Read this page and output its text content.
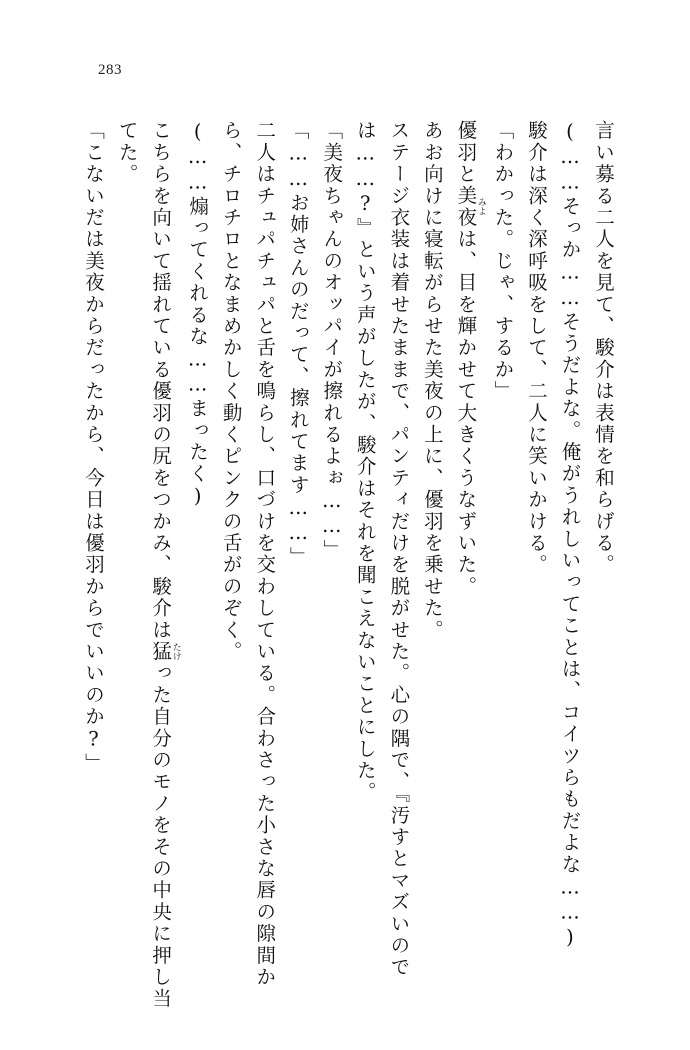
283

言い募る二人を見て、駿介は表情を和らげる。

(……そっか……そうだよな。俺がうれしいってことは、コイツらもだよな……)

駿介は深く深呼吸をして、二人に笑いかける。

「わかった。じゃ、するか」

優羽と美夜みよは、目を輝かせて大きくうなずいた。

あお向けに寝転がらせた美夜の上に、優羽を乗せた。

ステージ衣装は着せたままで、パンティだけを脱がせた。心の隅で、『汚すとマズいのでは……?』という声がしたが、駿介はそれを聞こえないことにした。

「美夜ちゃんのオッパイが擦れるよぉ……」

「……お姉さんのだって、擦れてます……」

二人はチュパチュパと舌を鳴らし、口づけを交わしている。合わさった小さな唇の隙間から、チロチロとなまめかしく動くピンクの舌がのぞく。

(……煽ってくれるな……まったく)

こちらを向いて揺れている優羽の尻をつかみ、駿介は猛たけった自分のモノをその中央に押し当てた。

「こないだは美夜からだったから、今日は優羽からでいいのか?」
